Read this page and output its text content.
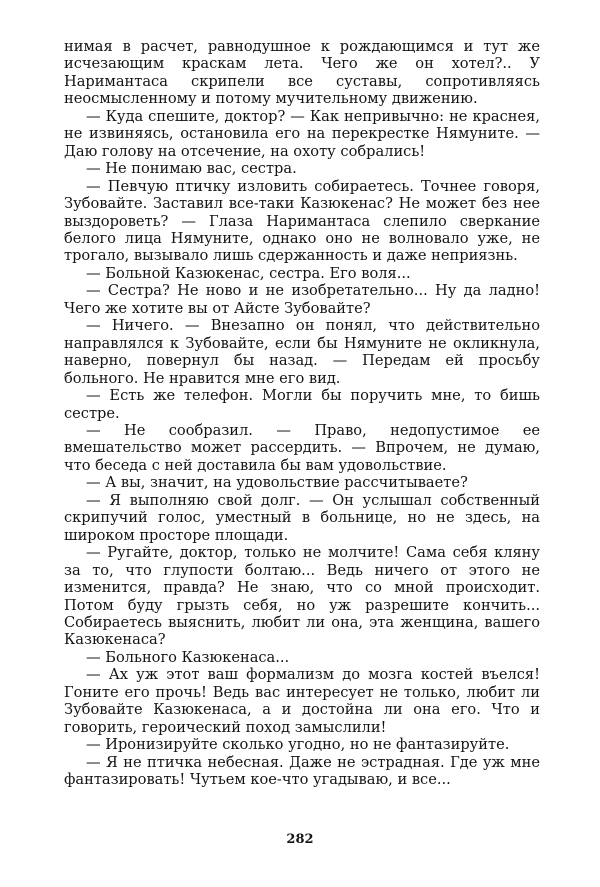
нимая в расчет, равнодушное к рождающимся и тут же исчезающим краскам лета. Чего же он хотел?.. У Наримантаса скрипели все суставы, сопротивляясь неосмысленному и потому мучительному движению.

— Куда спешите, доктор? — Как непривычно: не краснея, не извиняясь, остановила его на перекрестке Нямуните. — Даю голову на отсечение, на охоту собрались!

— Не понимаю вас, сестра.

— Певчую птичку изловить собираетесь. Точнее говоря, Зубовайте. Заставил все-таки Казюкенас? Не может без нее выздороветь? — Глаза Наримантаса слепило сверкание белого лица Нямуните, однако оно не волновало уже, не трогало, вызывало лишь сдержанность и даже неприязнь.

— Больной Казюкенас, сестра. Его воля...

— Сестра? Не ново и не изобретательно... Ну да ладно! Чего же хотите вы от Айсте Зубовайте?

— Ничего. — Внезапно он понял, что действительно направлялся к Зубовайте, если бы Нямуните не окликнула, наверно, повернул бы назад. — Передам ей просьбу больного. Не нравится мне его вид.

— Есть же телефон. Могли бы поручить мне, то бишь сестре.

— Не сообразил. — Право, недопустимое ее вмешательство может рассердить. — Впрочем, не думаю, что беседа с ней доставила бы вам удовольствие.

— А вы, значит, на удовольствие рассчитываете?

— Я выполняю свой долг. — Он услышал собственный скрипучий голос, уместный в больнице, но не здесь, на широком просторе площади.

— Ругайте, доктор, только не молчите! Сама себя кляну за то, что глупости болтаю... Ведь ничего от этого не изменится, правда? Не знаю, что со мной происходит. Потом буду грызть себя, но уж разрешите кончить... Собираетесь выяснить, любит ли она, эта женщина, вашего Казюкенаса?

— Больного Казюкенаса...

— Ах уж этот ваш формализм до мозга костей въелся! Гоните его прочь! Ведь вас интересует не только, любит ли Зубовайте Казюкенаса, а и достойна ли она его. Что и говорить, героический поход замыслили!

— Иронизируйте сколько угодно, но не фантазируйте.

— Я не птичка небесная. Даже не эстрадная. Где уж мне фантазировать! Чутьем кое-что угадываю, и все...

282
